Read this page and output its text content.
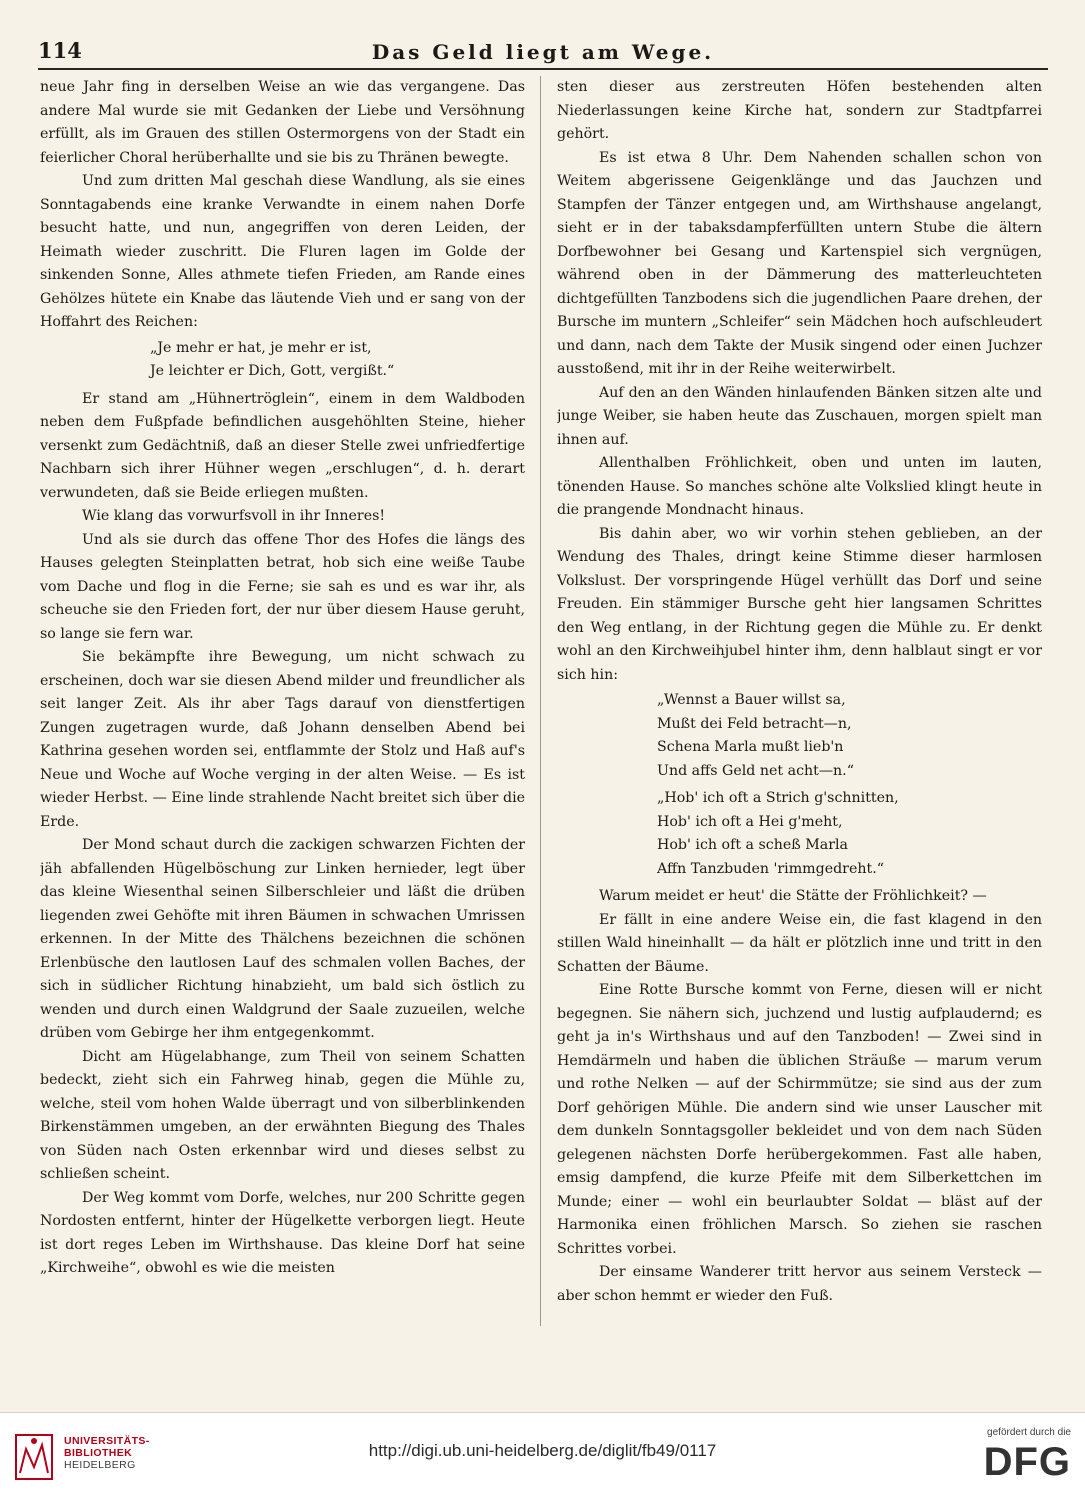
114	Das Geld liegt am Wege.

neue Jahr fing in derselben Weise an wie das vergangene. Das andere Mal wurde sie mit Gedanken der Liebe und Versöhnung erfüllt, als im Grauen des stillen Ostermorgens von der Stadt ein feierlicher Choral herüberhallte und sie bis zu Thränen bewegte.

Und zum dritten Mal geschah diese Wandlung, als sie eines Sonntagabends eine kranke Verwandte in einem nahen Dorfe besucht hatte, und nun, angegriffen von deren Leiden, der Heimath wieder zuschritt. Die Fluren lagen im Golde der sinkenden Sonne, Alles athmete tiefen Frieden, am Rande eines Gehölzes hütete ein Knabe das läutende Vieh und er sang von der Hoffahrt des Reichen:

„Je mehr er hat, je mehr er ist,
Je leichter er Dich, Gott, vergißt.“

Er stand am „Hühnertröglein“, einem in dem Waldboden neben dem Fußpfade befindlichen ausgehöhlten Steine, hieher versenkt zum Gedächtniß, daß an dieser Stelle zwei unfriedfertige Nachbarn sich ihrer Hühner wegen „erschlugen“, d. h. derart verwundeten, daß sie Beide erliegen mußten.

Wie klang das vorwurfsvoll in ihr Inneres!

Und als sie durch das offene Thor des Hofes die längs des Hauses gelegten Steinplatten betrat, hob sich eine weiße Taube vom Dache und flog in die Ferne; sie sah es und es war ihr, als scheuche sie den Frieden fort, der nur über diesem Hause geruht, so lange sie fern war.

Sie bekämpfte ihre Bewegung, um nicht schwach zu erscheinen, doch war sie diesen Abend milder und freundlicher als seit langer Zeit. Als ihr aber Tags darauf von dienstfertigen Zungen zugetragen wurde, daß Johann denselben Abend bei Kathrina gesehen worden sei, entflammte der Stolz und Haß auf's Neue und Woche auf Woche verging in der alten Weise. — Es ist wieder Herbst. — Eine linde strahlende Nacht breitet sich über die Erde.

Der Mond schaut durch die zackigen schwarzen Fichten der jäh abfallenden Hügelböschung zur Linken hernieder, legt über das kleine Wiesenthal seinen Silberschleier und läßt die drüben liegenden zwei Gehöfte mit ihren Bäumen in schwachen Umrissen erkennen. In der Mitte des Thälchens bezeichnen die schönen Erlenbüsche den lautlosen Lauf des schmalen vollen Baches, der sich in südlicher Richtung hinabzieht, um bald sich östlich zu wenden und durch einen Waldgrund der Saale zuzueilen, welche drüben vom Gebirge her ihm entgegenkommt.

Dicht am Hügelabhange, zum Theil von seinem Schatten bedeckt, zieht sich ein Fahrweg hinab, gegen die Mühle zu, welche, steil vom hohen Walde überragt und von silberblinkenden Birkenstämmen umgeben, an der erwähnten Biegung des Thales von Süden nach Osten erkennbar wird und dieses selbst zu schließen scheint.

Der Weg kommt vom Dorfe, welches, nur 200 Schritte gegen Nordosten entfernt, hinter der Hügelkette verborgen liegt. Heute ist dort reges Leben im Wirthshause. Das kleine Dorf hat seine „Kirchweihe“, obwohl es wie die meisten

sten dieser aus zerstreuten Höfen bestehenden alten Niederlassungen keine Kirche hat, sondern zur Stadtpfarrei gehört.

Es ist etwa 8 Uhr. Dem Nahenden schallen schon von Weitem abgerissene Geigenklänge und das Jauchzen und Stampfen der Tänzer entgegen und, am Wirthshause angelangt, sieht er in der tabaksdampferfüllten untern Stube die ältern Dorfbewohner bei Gesang und Kartenspiel sich vergnügen, während oben in der Dämmerung des matterleuchteten dichtgefüllten Tanzbodens sich die jugendlichen Paare drehen, der Bursche im muntern „Schleifer“ sein Mädchen hoch aufschleudert und dann, nach dem Takte der Musik singend oder einen Juchzer ausstoßend, mit ihr in der Reihe weiterwirbelt.

Auf den an den Wänden hinlaufenden Bänken sitzen alte und junge Weiber, sie haben heute das Zuschauen, morgen spielt man ihnen auf.

Allenthalben Fröhlichkeit, oben und unten im lauten, tönenden Hause. So manches schöne alte Volkslied klingt heute in die prangende Mondnacht hinaus.

Bis dahin aber, wo wir vorhin stehen geblieben, an der Wendung des Thales, dringt keine Stimme dieser harmlosen Volkslust. Der vorspringende Hügel verhüllt das Dorf und seine Freuden. Ein stämmiger Bursche geht hier langsamen Schrittes den Weg entlang, in der Richtung gegen die Mühle zu. Er denkt wohl an den Kirchweihjubel hinter ihm, denn halblaut singt er vor sich hin:

„Wennst a Bauer willst sa,
Mußt dei Feld betracht—n,
Schena Marla mußt lieb'n
Und affs Geld net acht—n.“
„Hob' ich oft a Strich g'schnitten,
Hob' ich oft a Hei g'meht,
Hob' ich oft a scheß Marla
Affn Tanzbuden 'rimmgedreht.“

Warum meidet er heut' die Stätte der Fröhlichkeit? —

Er fällt in eine andere Weise ein, die fast klagend in den stillen Wald hineinhallt — da hält er plötzlich inne und tritt in den Schatten der Bäume.

Eine Rotte Bursche kommt von Ferne, diesen will er nicht begegnen. Sie nähern sich, juchzend und lustig aufplaudernd; es geht ja in's Wirthshaus und auf den Tanzboden! — Zwei sind in Hemdärmeln und haben die üblichen Sträuße — marum verum und rothe Nelken — auf der Schirmmütze; sie sind aus der zum Dorf gehörigen Mühle. Die andern sind wie unser Lauscher mit dem dunkeln Sonntagsgoller bekleidet und von dem nach Süden gelegenen nächsten Dorfe herübergekommen. Fast alle haben, emsig dampfend, die kurze Pfeife mit dem Silberkettchen im Munde; einer — wohl ein beurlaubter Soldat — bläst auf der Harmonika einen fröhlichen Marsch. So ziehen sie raschen Schrittes vorbei.

Der einsame Wanderer tritt hervor aus seinem Versteck — aber schon hemmt er wieder den Fuß.

UNIVERSITÄTS-
BIBLIOTHEK
HEIDELBERG
http://digi.ub.uni-heidelberg.de/diglit/fb49/0117
gefördert durch die
DFG
